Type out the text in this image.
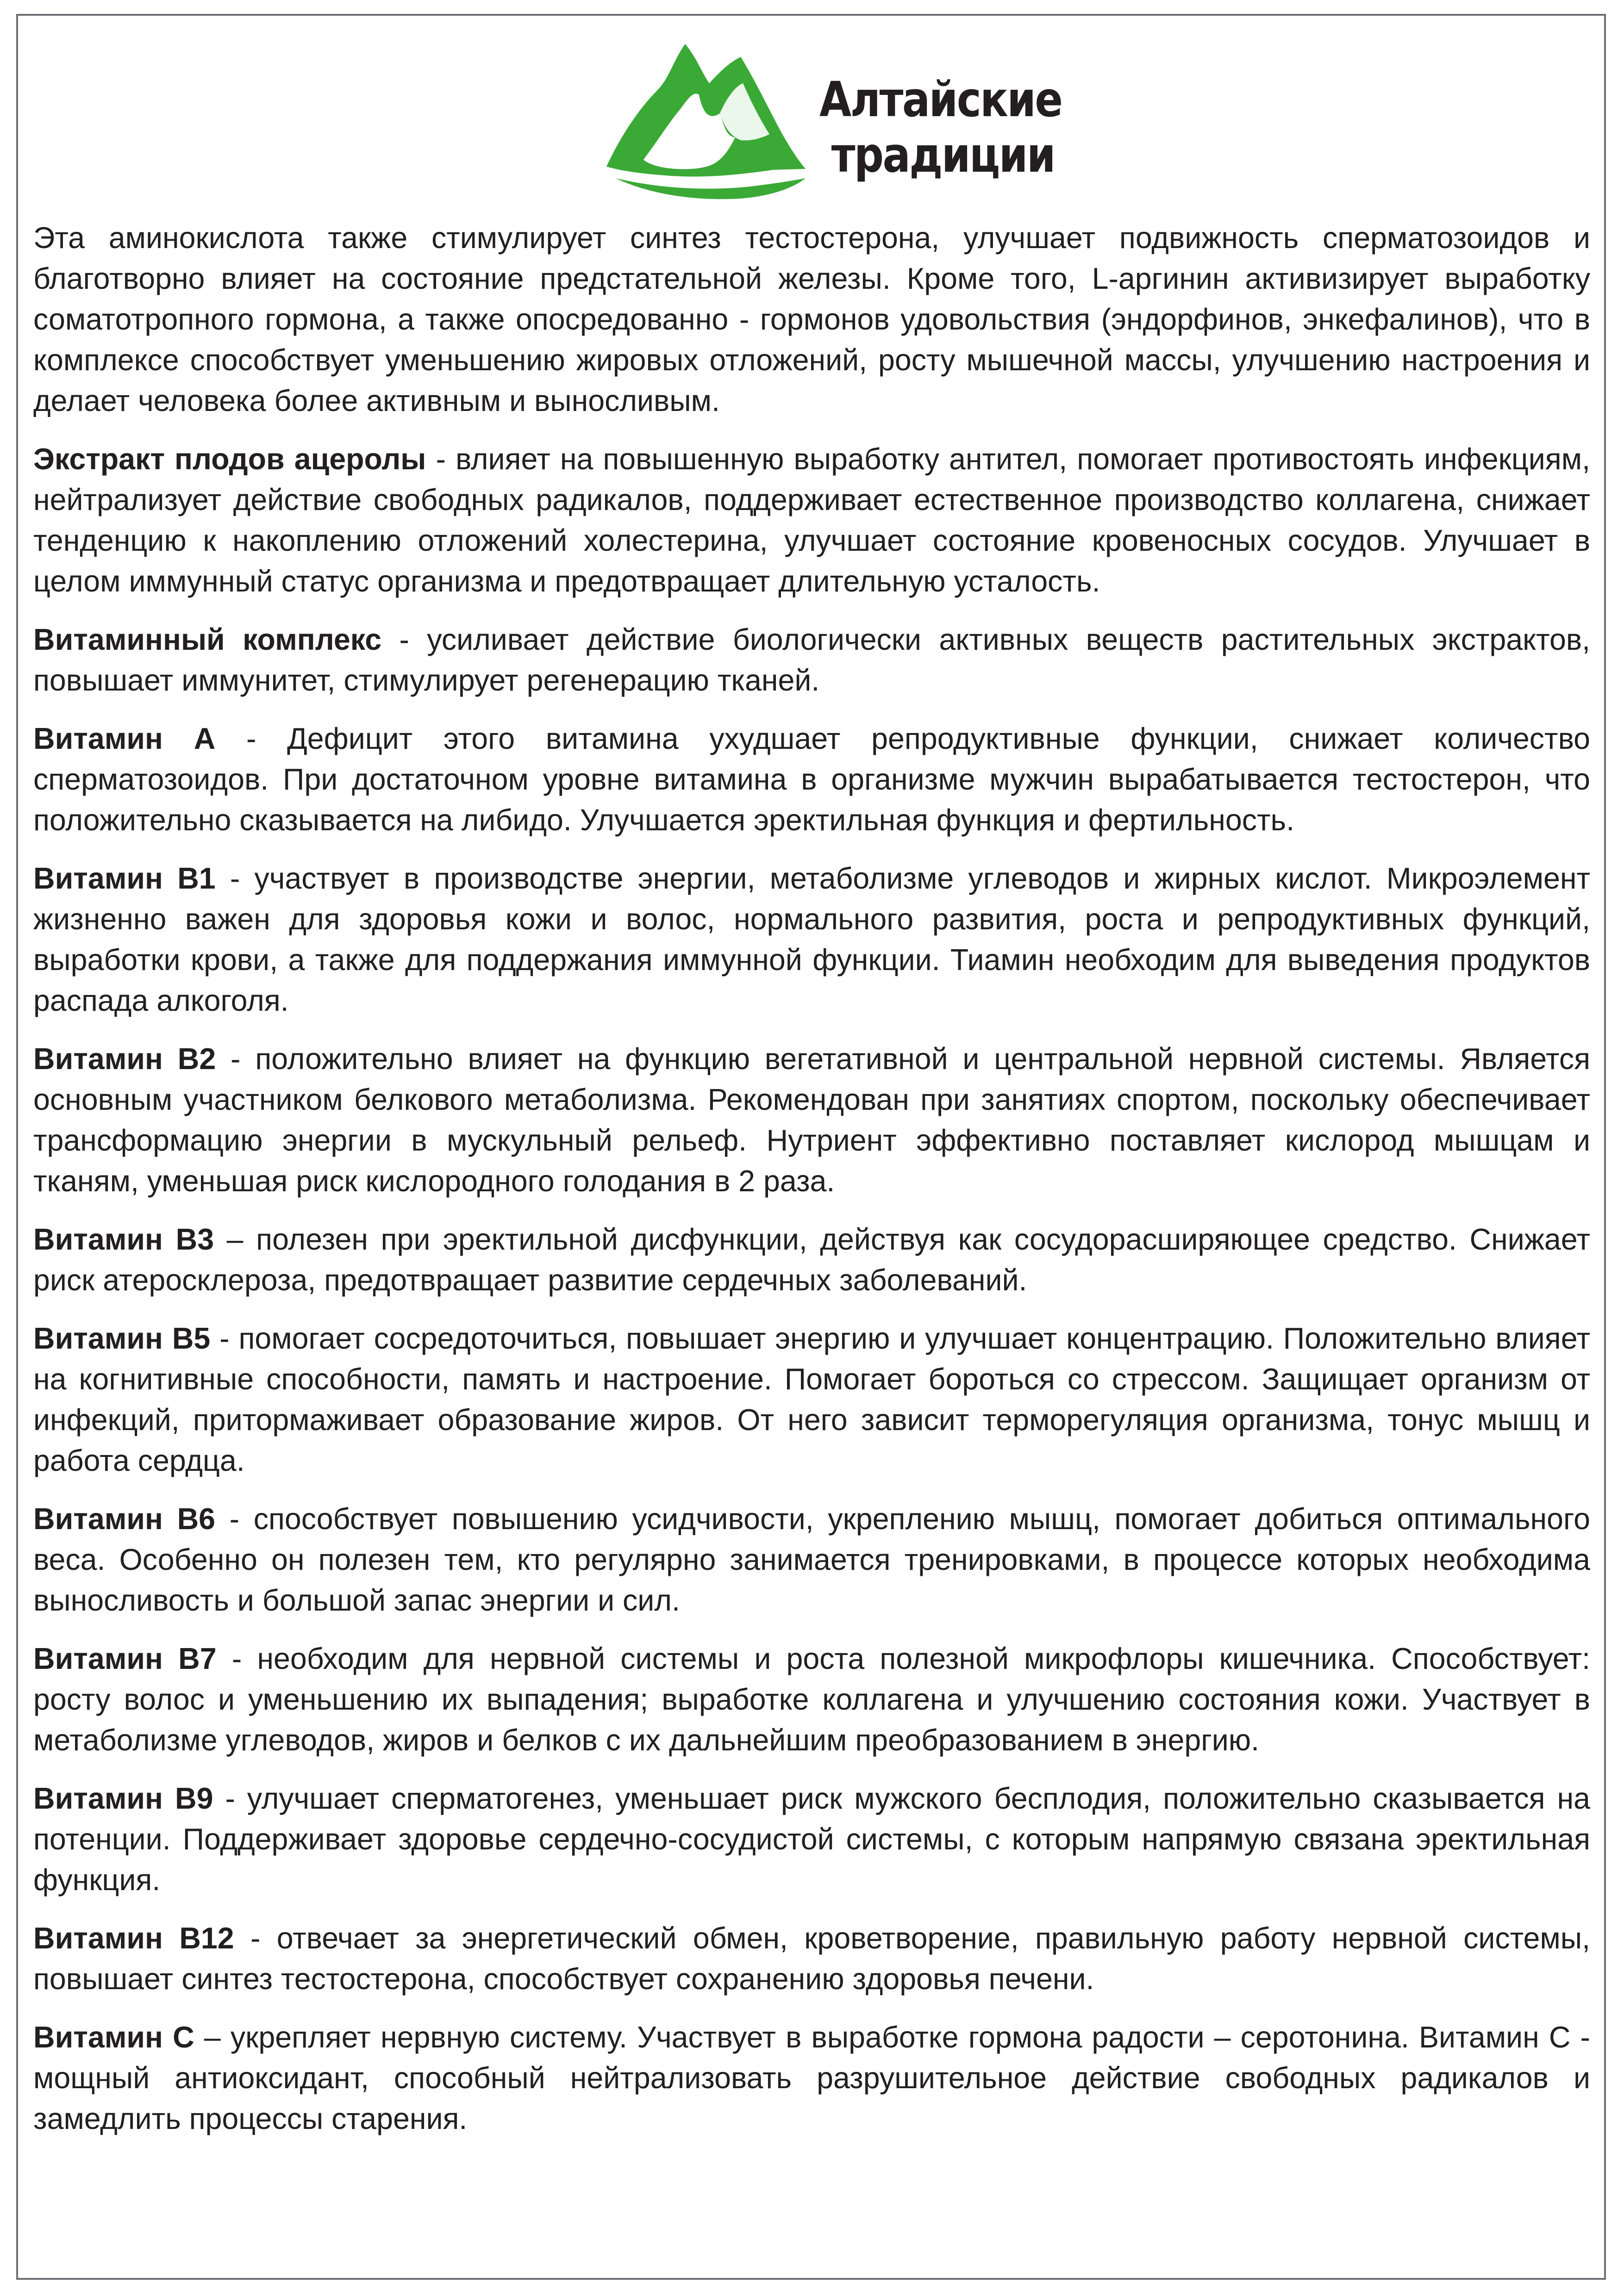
Алтайские
традиции

Эта аминокислота также стимулирует синтез тестостерона, улучшает подвижность сперматозоидов и благотворно влияет на состояние предстательной железы. Кроме того, L-аргинин активизирует выработку соматотропного гормона, а также опосредованно - гормонов удовольствия (эндорфинов, энкефалинов), что в комплексе способствует уменьшению жировых отложений, росту мышечной массы, улучшению настроения и делает человека более активным и выносливым.

Экстракт плодов ацеролы - влияет на повышенную выработку антител, помогает противостоять инфекциям, нейтрализует действие свободных радикалов, поддерживает естественное производство коллагена, снижает тенденцию к накоплению отложений холестерина, улучшает состояние кровеносных сосудов. Улучшает в целом иммунный статус организма и предотвращает длительную усталость.

Витаминный комплекс - усиливает действие биологически активных веществ растительных экстрактов, повышает иммунитет, стимулирует регенерацию тканей.

Витамин А - Дефицит этого витамина ухудшает репродуктивные функции, снижает количество сперматозоидов. При достаточном уровне витамина в организме мужчин вырабатывается тестостерон, что положительно сказывается на либидо. Улучшается эректильная функция и фертильность.

Витамин В1 - участвует в производстве энергии, метаболизме углеводов и жирных кислот. Микроэлемент жизненно важен для здоровья кожи и волос, нормального развития, роста и репродуктивных функций, выработки крови, а также для поддержания иммунной функции. Тиамин необходим для выведения продуктов распада алкоголя.

Витамин В2 - положительно влияет на функцию вегетативной и центральной нервной системы. Является основным участником белкового метаболизма. Рекомендован при занятиях спортом, поскольку обеспечивает трансформацию энергии в мускульный рельеф. Нутриент эффективно поставляет кислород мышцам и тканям, уменьшая риск кислородного голодания в 2 раза.

Витамин В3 – полезен при эректильной дисфункции, действуя как сосудорасширяющее средство. Снижает риск атеросклероза, предотвращает развитие сердечных заболеваний.

Витамин В5 - помогает сосредоточиться, повышает энергию и улучшает концентрацию. Положительно влияет на когнитивные способности, память и настроение. Помогает бороться со стрессом. Защищает организм от инфекций, притормаживает образование жиров. От него зависит терморегуляция организма, тонус мышц и работа сердца.

Витамин В6 - способствует повышению усидчивости, укреплению мышц, помогает добиться оптимального веса. Особенно он полезен тем, кто регулярно занимается тренировками, в процессе которых необходима выносливость и большой запас энергии и сил.

Витамин В7 - необходим для нервной системы и роста полезной микрофлоры кишечника. Способствует: росту волос и уменьшению их выпадения; выработке коллагена и улучшению состояния кожи. Участвует в метаболизме углеводов, жиров и белков с их дальнейшим преобразованием в энергию.

Витамин В9 - улучшает сперматогенез, уменьшает риск мужского бесплодия, положительно сказывается на потенции. Поддерживает здоровье сердечно-сосудистой системы, с которым напрямую связана эректильная функция.

Витамин В12 - отвечает за энергетический обмен, кроветворение, правильную работу нервной системы, повышает синтез тестостерона, способствует сохранению здоровья печени.

Витамин С – укрепляет нервную систему. Участвует в выработке гормона радости – серотонина. Витамин С - мощный антиоксидант, способный нейтрализовать разрушительное действие свободных радикалов и замедлить процессы старения.
